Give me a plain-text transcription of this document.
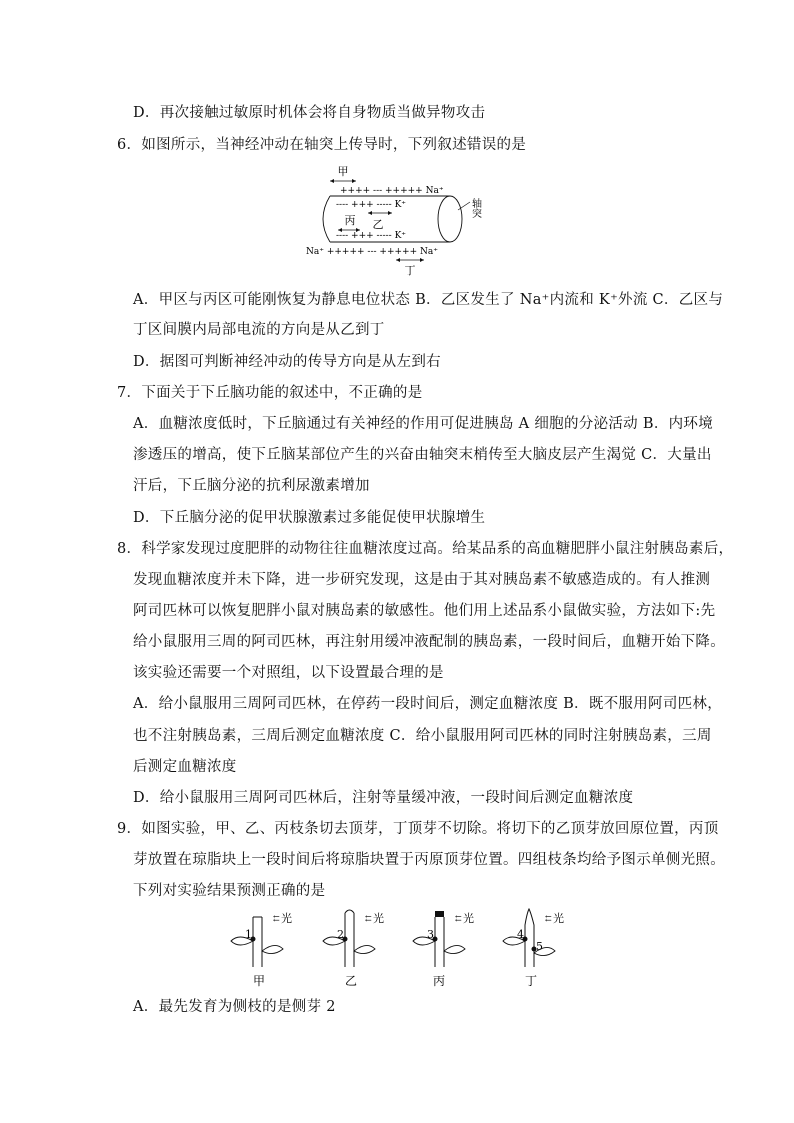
D．再次接触过敏原时机体会将自身物质当做异物攻击
6．如图所示，当神经冲动在轴突上传导时，下列叙述错误的是
甲
++++ --- +++++ Na⁺
---- +++ ----- K⁺
---- +++ ----- K⁺
丙 乙
Na⁺ +++++ --- +++++ Na⁺
丁
轴突
A．甲区与丙区可能刚恢复为静息电位状态 B．乙区发生了 Na⁺内流和 K⁺外流 C．乙区与
丁区间膜内局部电流的方向是从乙到丁
D．据图可判断神经冲动的传导方向是从左到右
7．下面关于下丘脑功能的叙述中，不正确的是
A．血糖浓度低时，下丘脑通过有关神经的作用可促进胰岛 A 细胞的分泌活动 B．内环境
渗透压的增高，使下丘脑某部位产生的兴奋由轴突末梢传至大脑皮层产生渴觉 C．大量出
汗后，下丘脑分泌的抗利尿激素增加
D．下丘脑分泌的促甲状腺激素过多能促使甲状腺增生
8．科学家发现过度肥胖的动物往往血糖浓度过高。给某品系的高血糖肥胖小鼠注射胰岛素后，
发现血糖浓度并未下降，进一步研究发现，这是由于其对胰岛素不敏感造成的。有人推测
阿司匹林可以恢复肥胖小鼠对胰岛素的敏感性。他们用上述品系小鼠做实验，方法如下:先
给小鼠服用三周的阿司匹林，再注射用缓冲液配制的胰岛素，一段时间后，血糖开始下降。
该实验还需要一个对照组，以下设置最合理的是
A．给小鼠服用三周阿司匹林，在停药一段时间后，测定血糖浓度 B．既不服用阿司匹林，
也不注射胰岛素，三周后测定血糖浓度 C．给小鼠服用阿司匹林的同时注射胰岛素，三周
后测定血糖浓度
D．给小鼠服用三周阿司匹林后，注射等量缓冲液，一段时间后测定血糖浓度
9．如图实验，甲、乙、丙枝条切去顶芽，丁顶芽不切除。将切下的乙顶芽放回原位置，丙顶
芽放置在琼脂块上一段时间后将琼脂块置于丙原顶芽位置。四组枝条均给予图示单侧光照。
下列对实验结果预测正确的是
1
⇇ 光
甲
2
⇇ 光
乙
3
⇇ 光
丙
4
5
⇇ 光
丁
A．最先发育为侧枝的是侧芽 2
